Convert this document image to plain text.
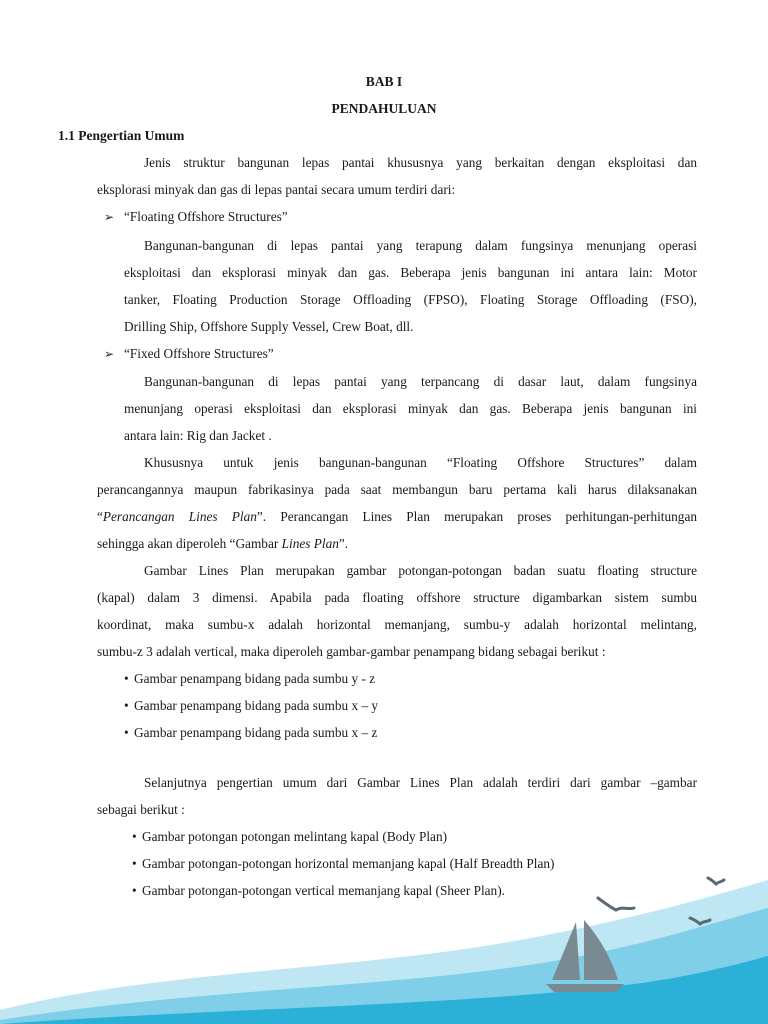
BAB I
PENDAHULUAN
1.1 Pengertian Umum
Jenis struktur bangunan lepas pantai khususnya yang berkaitan dengan eksploitasi dan
eksplorasi minyak dan gas di lepas pantai secara umum terdiri dari:
➢ “Floating Offshore Structures”
Bangunan-bangunan di lepas pantai yang terapung dalam fungsinya menunjang operasi
eksploitasi dan eksplorasi minyak dan gas. Beberapa jenis bangunan ini antara lain: Motor
tanker, Floating Production Storage Offloading (FPSO), Floating Storage Offloading (FSO),
Drilling Ship, Offshore Supply Vessel, Crew Boat, dll.
➢ “Fixed Offshore Structures”
Bangunan-bangunan di lepas pantai yang terpancang di dasar laut, dalam fungsinya
menunjang operasi eksploitasi dan eksplorasi minyak dan gas. Beberapa jenis bangunan ini
antara lain: Rig dan Jacket .
Khususnya untuk jenis bangunan-bangunan “Floating Offshore Structures” dalam
perancangannya maupun fabrikasinya pada saat membangun baru pertama kali harus dilaksanakan
“Perancangan Lines Plan”. Perancangan Lines Plan merupakan proses perhitungan-perhitungan
sehingga akan diperoleh “Gambar Lines Plan”.
Gambar Lines Plan merupakan gambar potongan-potongan badan suatu floating structure
(kapal) dalam 3 dimensi. Apabila pada floating offshore structure digambarkan sistem sumbu
koordinat, maka sumbu-x adalah horizontal memanjang, sumbu-y adalah horizontal melintang,
sumbu-z 3 adalah vertical, maka diperoleh gambar-gambar penampang bidang sebagai berikut :
• Gambar penampang bidang pada sumbu y - z
• Gambar penampang bidang pada sumbu x – y
• Gambar penampang bidang pada sumbu x – z
Selanjutnya pengertian umum dari Gambar Lines Plan adalah terdiri dari gambar –gambar
sebagai berikut :
• Gambar potongan potongan melintang kapal (Body Plan)
• Gambar potongan-potongan horizontal memanjang kapal (Half Breadth Plan)
• Gambar potongan-potongan vertical memanjang kapal (Sheer Plan).
